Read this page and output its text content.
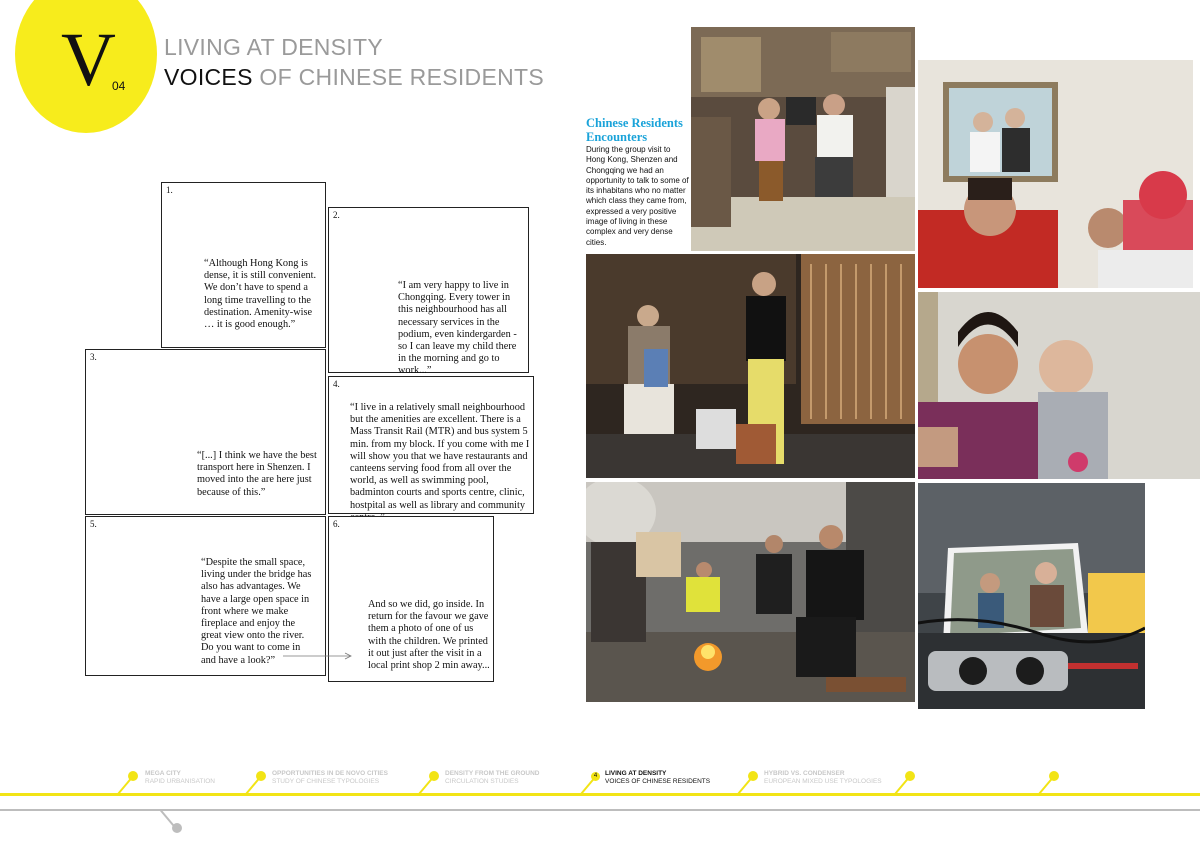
V
04
LIVING AT DENSITY
VOICES OF CHINESE RESIDENTS
1.
“Although Hong Kong is dense, it is still convenient. We don’t have to spend a long time travelling to the destination. Amenity-wise … it is good enough.”
2.
“I am very happy to live in Chongqing. Every tower in this neighbourhood has all necessary services in the podium, even kindergarden - so I can leave my child there in the morning and go to work...”
3.
“[...] I think we have the best transport here in Shenzen. I moved into the are here just because of this.”
4.
“I live in a relatively small neighbourhood but the amenities are excellent. There is a Mass Transit Rail (MTR) and bus system 5 min. from my block. If you come with me I will show you that we have restaurants and canteens serving food from all over the world, as well as swimming pool, badminton courts and sports centre, clinic, hostpital as well as library and community
5.
“Despite the small space, living under the bridge has also has advantages. We have a large open space in front where we make fireplace and enjoy the great view onto the river. Do you want to come in and have a look?”
6.
And so we did, go inside. In return for the favour we gave them a photo of one of us with the children. We printed it out just after the visit in a local print shop 2 min away...
Chinese Residents Encounters
During the group visit to Hong Kong, Shenzen and Chongqing we had an opportunity to talk to some of its inhabitans who no matter which class they came from, expressed a very positive image of living in these complex and very dense cities.
4
MEGA CITY
RAPID URBANISATION
OPPORTUNITIES IN DE NOVO CITIES
STUDY OF CHINESE TYPOLOGIES
DENSITY FROM THE GROUND
CIRCULATION STUDIES
LIVING AT DENSITY
VOICES OF CHINESE RESIDENTS
HYBRID VS. CONDENSER
EUROPEAN MIXED USE TYPOLOGIES
